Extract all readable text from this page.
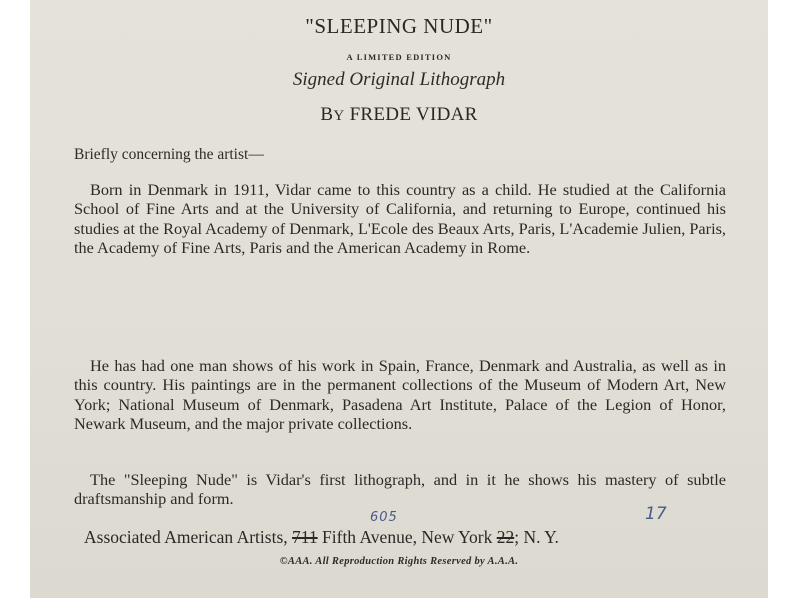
"SLEEPING NUDE"
A LIMITED EDITION
Signed Original Lithograph
BY FREDE VIDAR
Briefly concerning the artist—
Born in Denmark in 1911, Vidar came to this country as a child. He studied at the California School of Fine Arts and at the University of California, and returning to Europe, continued his studies at the Royal Academy of Denmark, L'Ecole des Beaux Arts, Paris, L'Academie Julien, Paris, the Academy of Fine Arts, Paris and the American Academy in Rome.
He has had one man shows of his work in Spain, France, Denmark and Australia, as well as in this country. His paintings are in the permanent collections of the Museum of Modern Art, New York; National Museum of Denmark, Pasadena Art Institute, Palace of the Legion of Honor, Newark Museum, and the major private collections.
The "Sleeping Nude" is Vidar's first lithograph, and in it he shows his mastery of subtle draftsmanship and form.
605	17
Associated American Artists, 711 Fifth Avenue, New York 22; N. Y.
©AAA. All Reproduction Rights Reserved by A.A.A.
